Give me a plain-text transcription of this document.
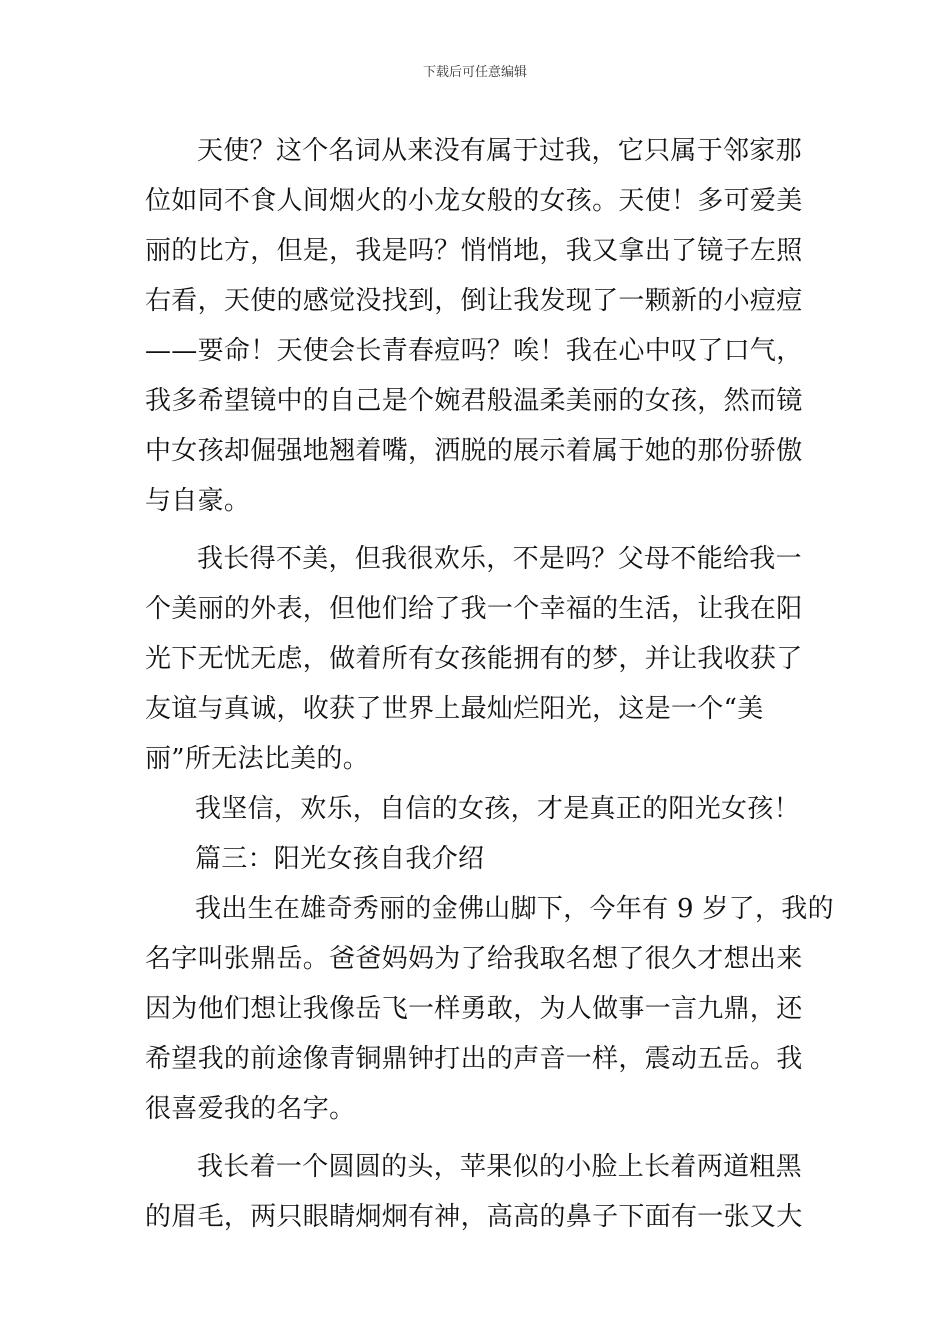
下载后可任意编辑
天使？这个名词从来没有属于过我，它只属于邻家那
位如同不食人间烟火的小龙女般的女孩。天使！多可爱美
丽的比方，但是，我是吗？悄悄地，我又拿出了镜子左照
右看，天使的感觉没找到，倒让我发现了一颗新的小痘痘
——要命！天使会长青春痘吗？唉！我在心中叹了口气，
我多希望镜中的自己是个婉君般温柔美丽的女孩，然而镜
中女孩却倔强地翘着嘴，洒脱的展示着属于她的那份骄傲
与自豪。
我长得不美，但我很欢乐，不是吗？父母不能给我一
个美丽的外表，但他们给了我一个幸福的生活，让我在阳
光下无忧无虑，做着所有女孩能拥有的梦，并让我收获了
友谊与真诚，收获了世界上最灿烂阳光，这是一个“美
丽”所无法比美的。
我坚信，欢乐，自信的女孩，才是真正的阳光女孩！
篇三：阳光女孩自我介绍
我出生在雄奇秀丽的金佛山脚下，今年有 9 岁了，我的
名字叫张鼎岳。爸爸妈妈为了给我取名想了很久才想出来
因为他们想让我像岳飞一样勇敢，为人做事一言九鼎，还
希望我的前途像青铜鼎钟打出的声音一样，震动五岳。我
很喜爱我的名字。
我长着一个圆圆的头，苹果似的小脸上长着两道粗黑
的眉毛，两只眼睛炯炯有神，高高的鼻子下面有一张又大
